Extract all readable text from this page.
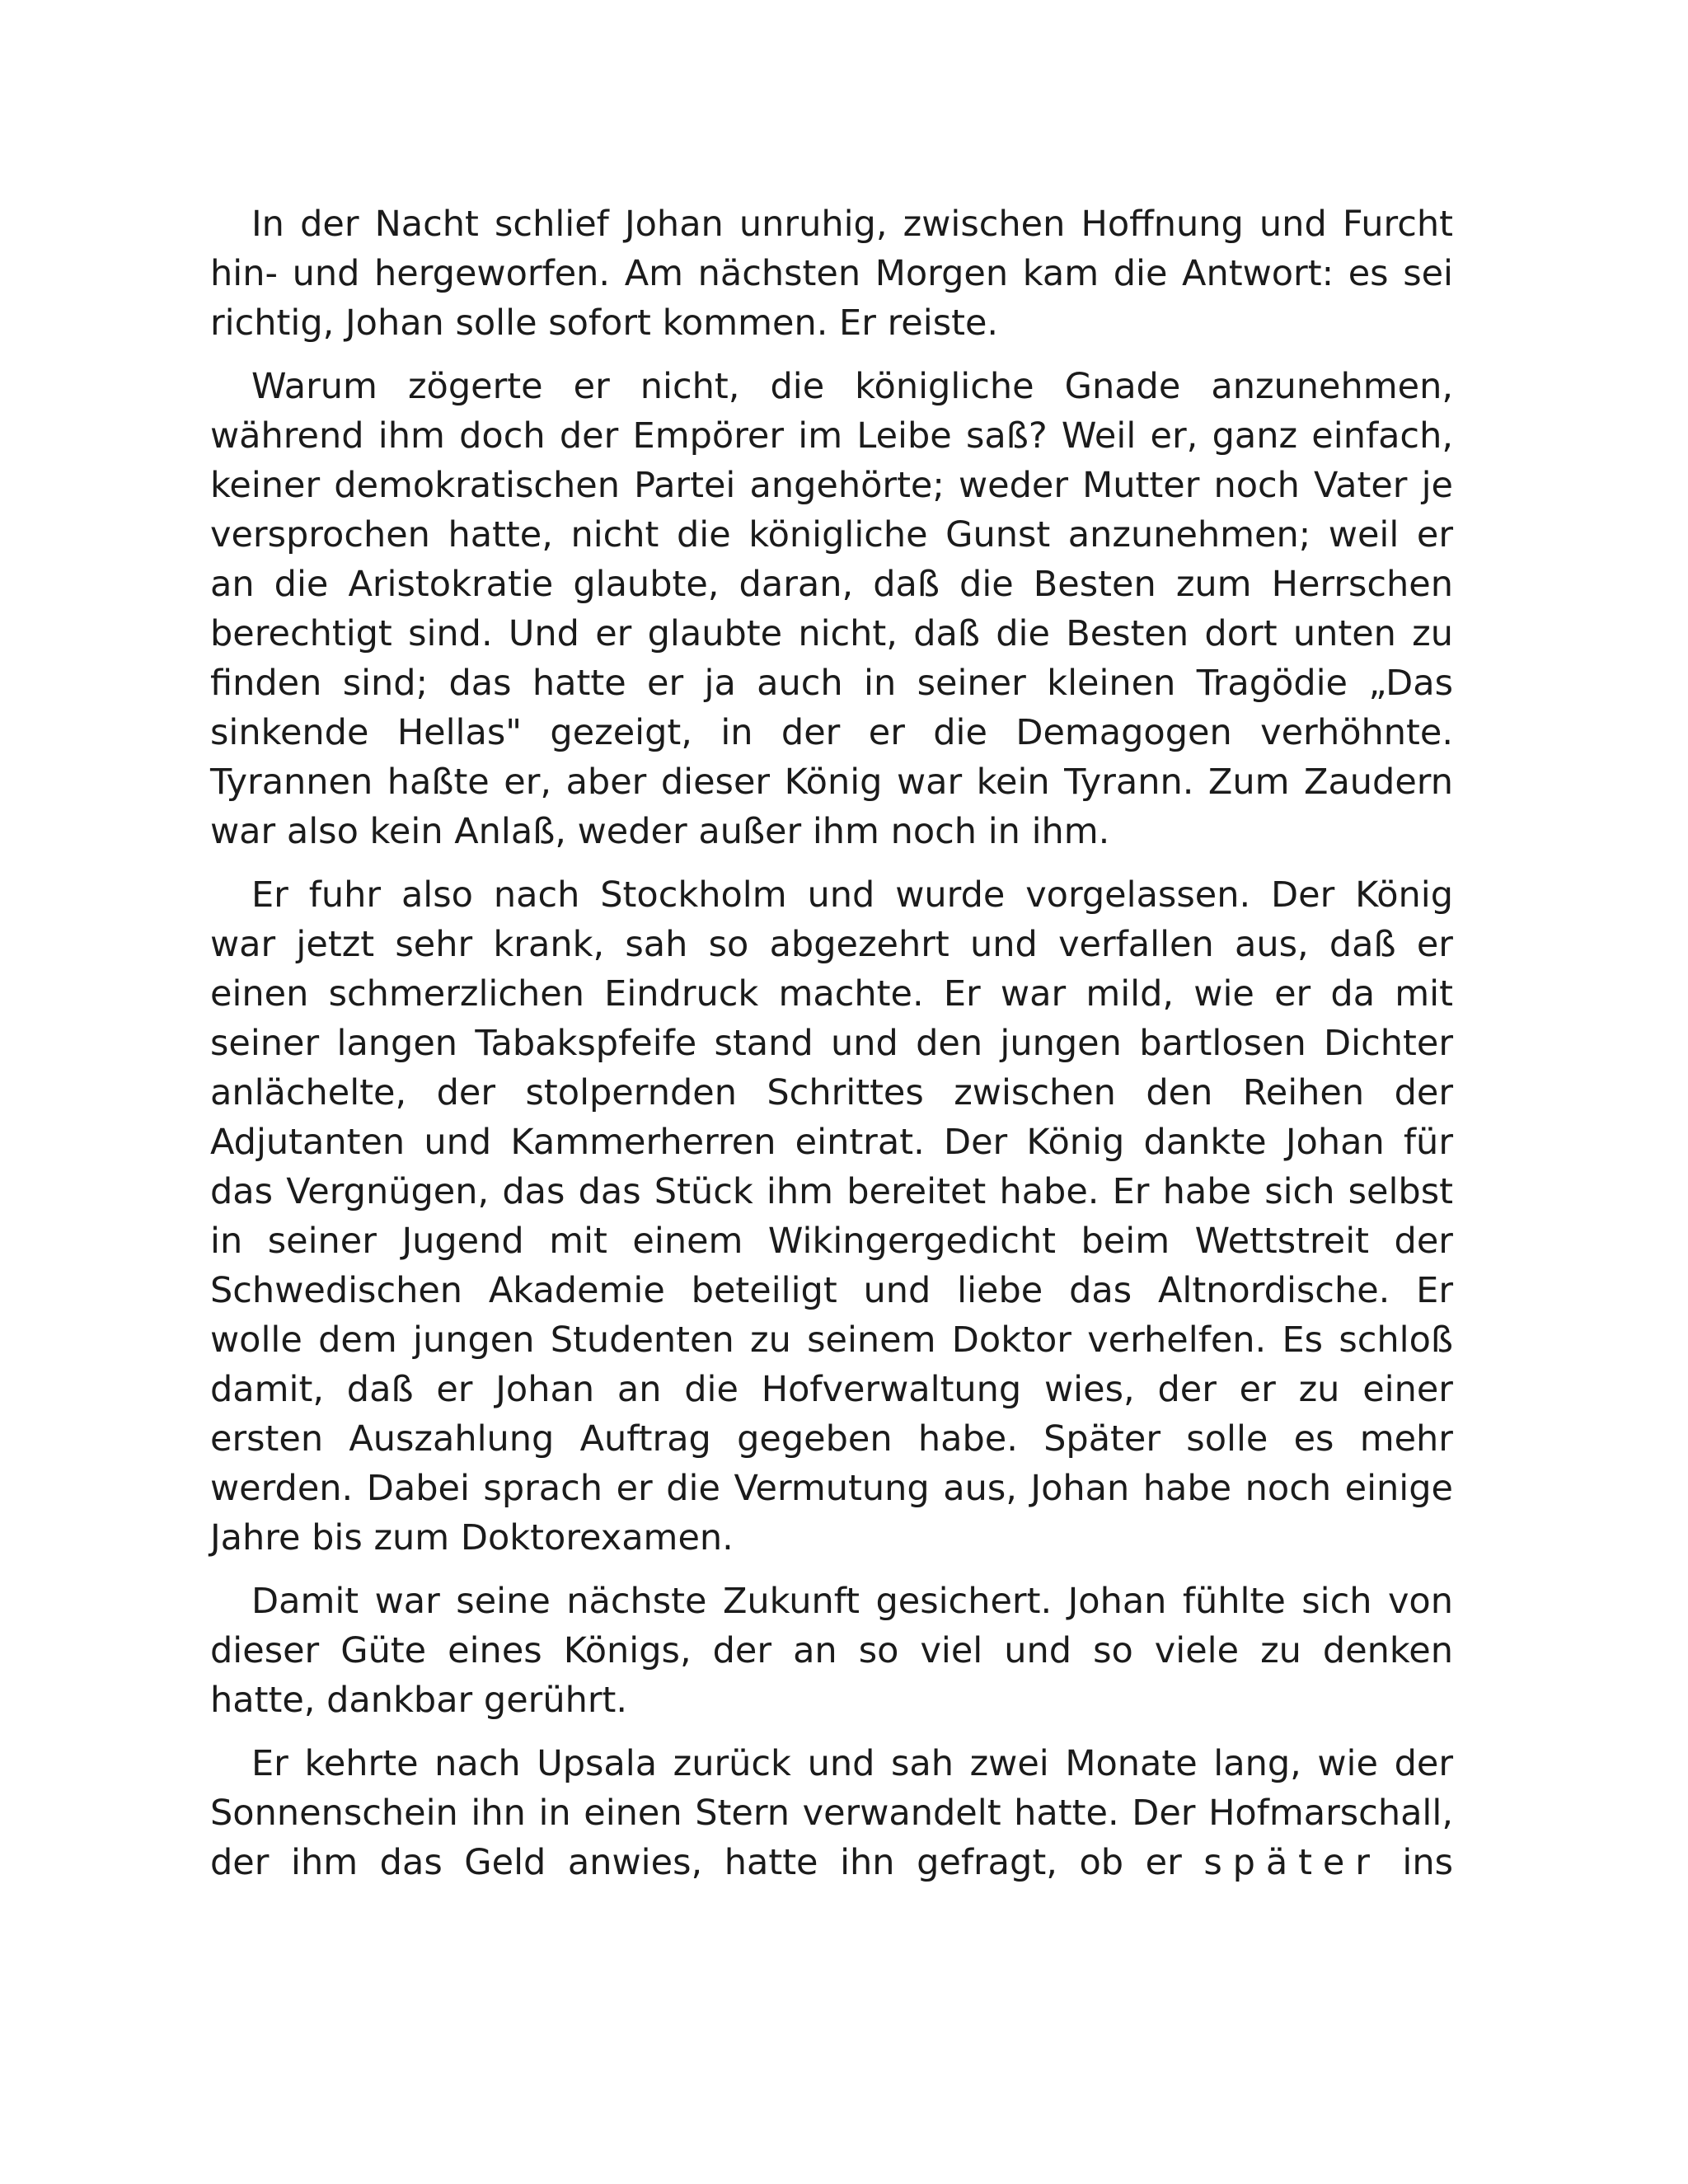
In der Nacht schlief Johan unruhig, zwischen Hoffnung und Furcht
hin- und hergeworfen. Am nächsten Morgen kam die Antwort: es sei
richtig, Johan solle sofort kommen. Er reiste.
Warum zögerte er nicht, die königliche Gnade anzunehmen,
während ihm doch der Empörer im Leibe saß? Weil er, ganz einfach,
keiner demokratischen Partei angehörte; weder Mutter noch Vater je
versprochen hatte, nicht die königliche Gunst anzunehmen; weil er
an die Aristokratie glaubte, daran, daß die Besten zum Herrschen
berechtigt sind. Und er glaubte nicht, daß die Besten dort unten zu
finden sind; das hatte er ja auch in seiner kleinen Tragödie „Das
sinkende Hellas" gezeigt, in der er die Demagogen verhöhnte.
Tyrannen haßte er, aber dieser König war kein Tyrann. Zum Zaudern
war also kein Anlaß, weder außer ihm noch in ihm.
Er fuhr also nach Stockholm und wurde vorgelassen. Der König
war jetzt sehr krank, sah so abgezehrt und verfallen aus, daß er
einen schmerzlichen Eindruck machte. Er war mild, wie er da mit
seiner langen Tabakspfeife stand und den jungen bartlosen Dichter
anlächelte, der stolpernden Schrittes zwischen den Reihen der
Adjutanten und Kammerherren eintrat. Der König dankte Johan für
das Vergnügen, das das Stück ihm bereitet habe. Er habe sich selbst
in seiner Jugend mit einem Wikingergedicht beim Wettstreit der
Schwedischen Akademie beteiligt und liebe das Altnordische. Er
wolle dem jungen Studenten zu seinem Doktor verhelfen. Es schloß
damit, daß er Johan an die Hofverwaltung wies, der er zu einer
ersten Auszahlung Auftrag gegeben habe. Später solle es mehr
werden. Dabei sprach er die Vermutung aus, Johan habe noch einige
Jahre bis zum Doktorexamen.
Damit war seine nächste Zukunft gesichert. Johan fühlte sich von
dieser Güte eines Königs, der an so viel und so viele zu denken
hatte, dankbar gerührt.
Er kehrte nach Upsala zurück und sah zwei Monate lang, wie der
Sonnenschein ihn in einen Stern verwandelt hatte. Der Hofmarschall,
der ihm das Geld anwies, hatte ihn gefragt, ob er später ins
